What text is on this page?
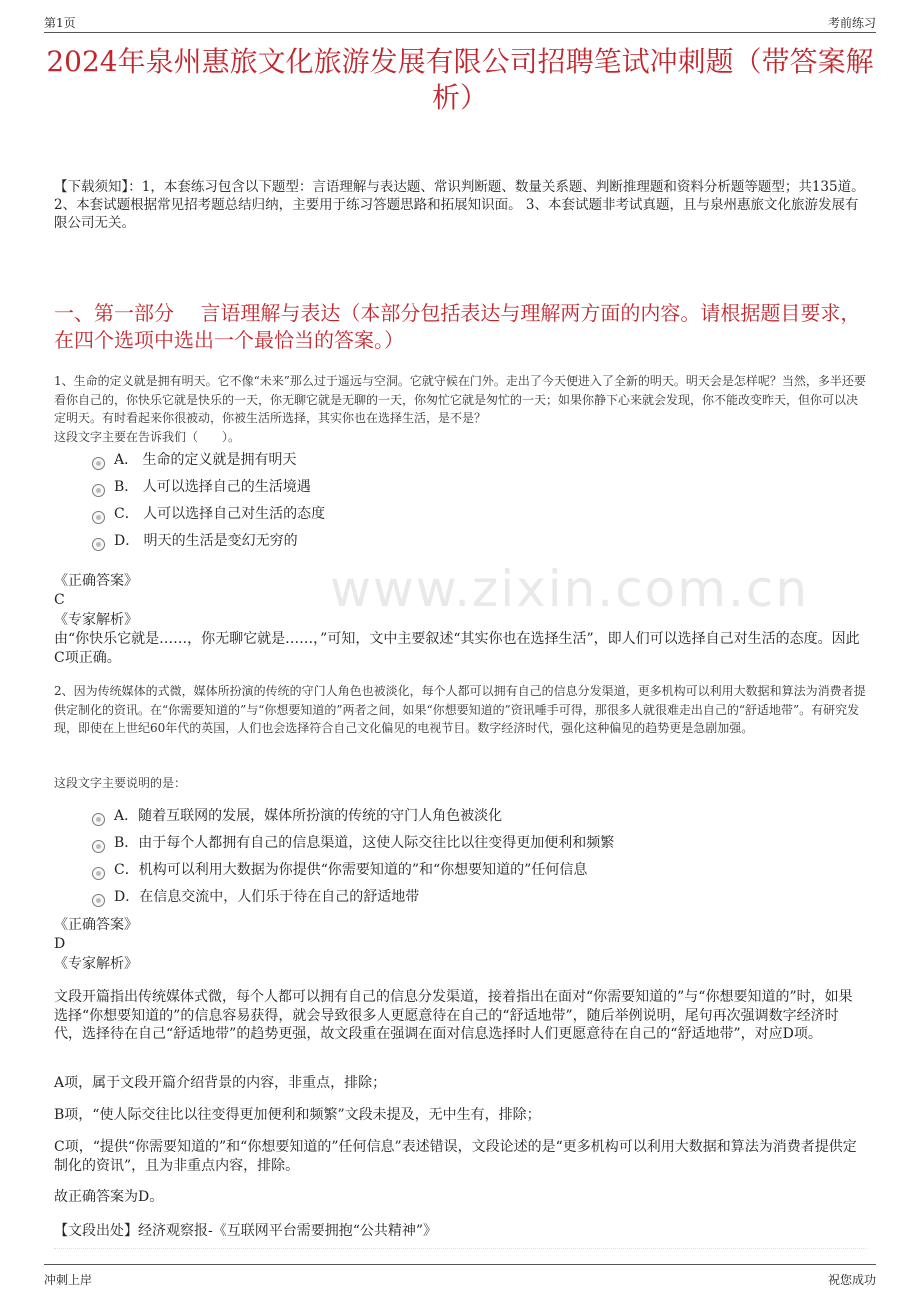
第1页	考前练习
2024年泉州惠旅文化旅游发展有限公司招聘笔试冲刺题（带答案解析）
【下载须知】：1，本套练习包含以下题型：言语理解与表达题、常识判断题、数量关系题、判断推理题和资料分析题等题型；共135道。 2、本套试题根据常见招考题总结归纳，主要用于练习答题思路和拓展知识面。 3、本套试题非考试真题，且与泉州惠旅文化旅游发展有限公司无关。
一、第一部分　 言语理解与表达（本部分包括表达与理解两方面的内容。请根据题目要求，在四个选项中选出一个最恰当的答案。）
1、生命的定义就是拥有明天。它不像“未来”那么过于遥远与空洞。它就守候在门外。走出了今天便进入了全新的明天。明天会是怎样呢？当然，多半还要看你自己的，你快乐它就是快乐的一天，你无聊它就是无聊的一天，你匆忙它就是匆忙的一天；如果你静下心来就会发现，你不能改变昨天，但你可以决定明天。有时看起来你很被动，你被生活所选择，其实你也在选择生活，是不是？
这段文字主要在告诉我们（　　）。
A． 生命的定义就是拥有明天
B． 人可以选择自己的生活境遇
C． 人可以选择自己对生活的态度
D． 明天的生活是变幻无穷的
《正确答案》
C
《专家解析》
由“你快乐它就是……，你无聊它就是……，”可知，文中主要叙述“其实你也在选择生活”，即人们可以选择自己对生活的态度。因此C项正确。
2、因为传统媒体的式微，媒体所扮演的传统的守门人角色也被淡化，每个人都可以拥有自己的信息分发渠道，更多机构可以利用大数据和算法为消费者提供定制化的资讯。在“你需要知道的”与“你想要知道的”两者之间，如果“你想要知道的”资讯唾手可得，那很多人就很难走出自己的“舒适地带”。有研究发现，即使在上世纪60年代的英国，人们也会选择符合自己文化偏见的电视节目。数字经济时代，强化这种偏见的趋势更是急剧加强。
这段文字主要说明的是：
A．随着互联网的发展，媒体所扮演的传统的守门人角色被淡化
B．由于每个人都拥有自己的信息渠道，这使人际交往比以往变得更加便利和频繁
C．机构可以利用大数据为你提供“你需要知道的”和“你想要知道的”任何信息
D．在信息交流中，人们乐于待在自己的舒适地带
《正确答案》
D
《专家解析》
文段开篇指出传统媒体式微，每个人都可以拥有自己的信息分发渠道，接着指出在面对“你需要知道的”与“你想要知道的”时，如果选择“你想要知道的”的信息容易获得，就会导致很多人更愿意待在自己的“舒适地带”，随后举例说明，尾句再次强调数字经济时代，选择待在自己“舒适地带”的趋势更强，故文段重在强调在面对信息选择时人们更愿意待在自己的“舒适地带”，对应D项。
A项，属于文段开篇介绍背景的内容，非重点，排除；
B项，“使人际交往比以往变得更加便利和频繁”文段未提及，无中生有，排除；
C项，“提供“你需要知道的”和“你想要知道的”任何信息”表述错误，文段论述的是“更多机构可以利用大数据和算法为消费者提供定制化的资讯”，且为非重点内容，排除。
故正确答案为D。
【文段出处】经济观察报-《互联网平台需要拥抱“公共精神”》
www.zixin.com.cn
冲刺上岸	祝您成功
